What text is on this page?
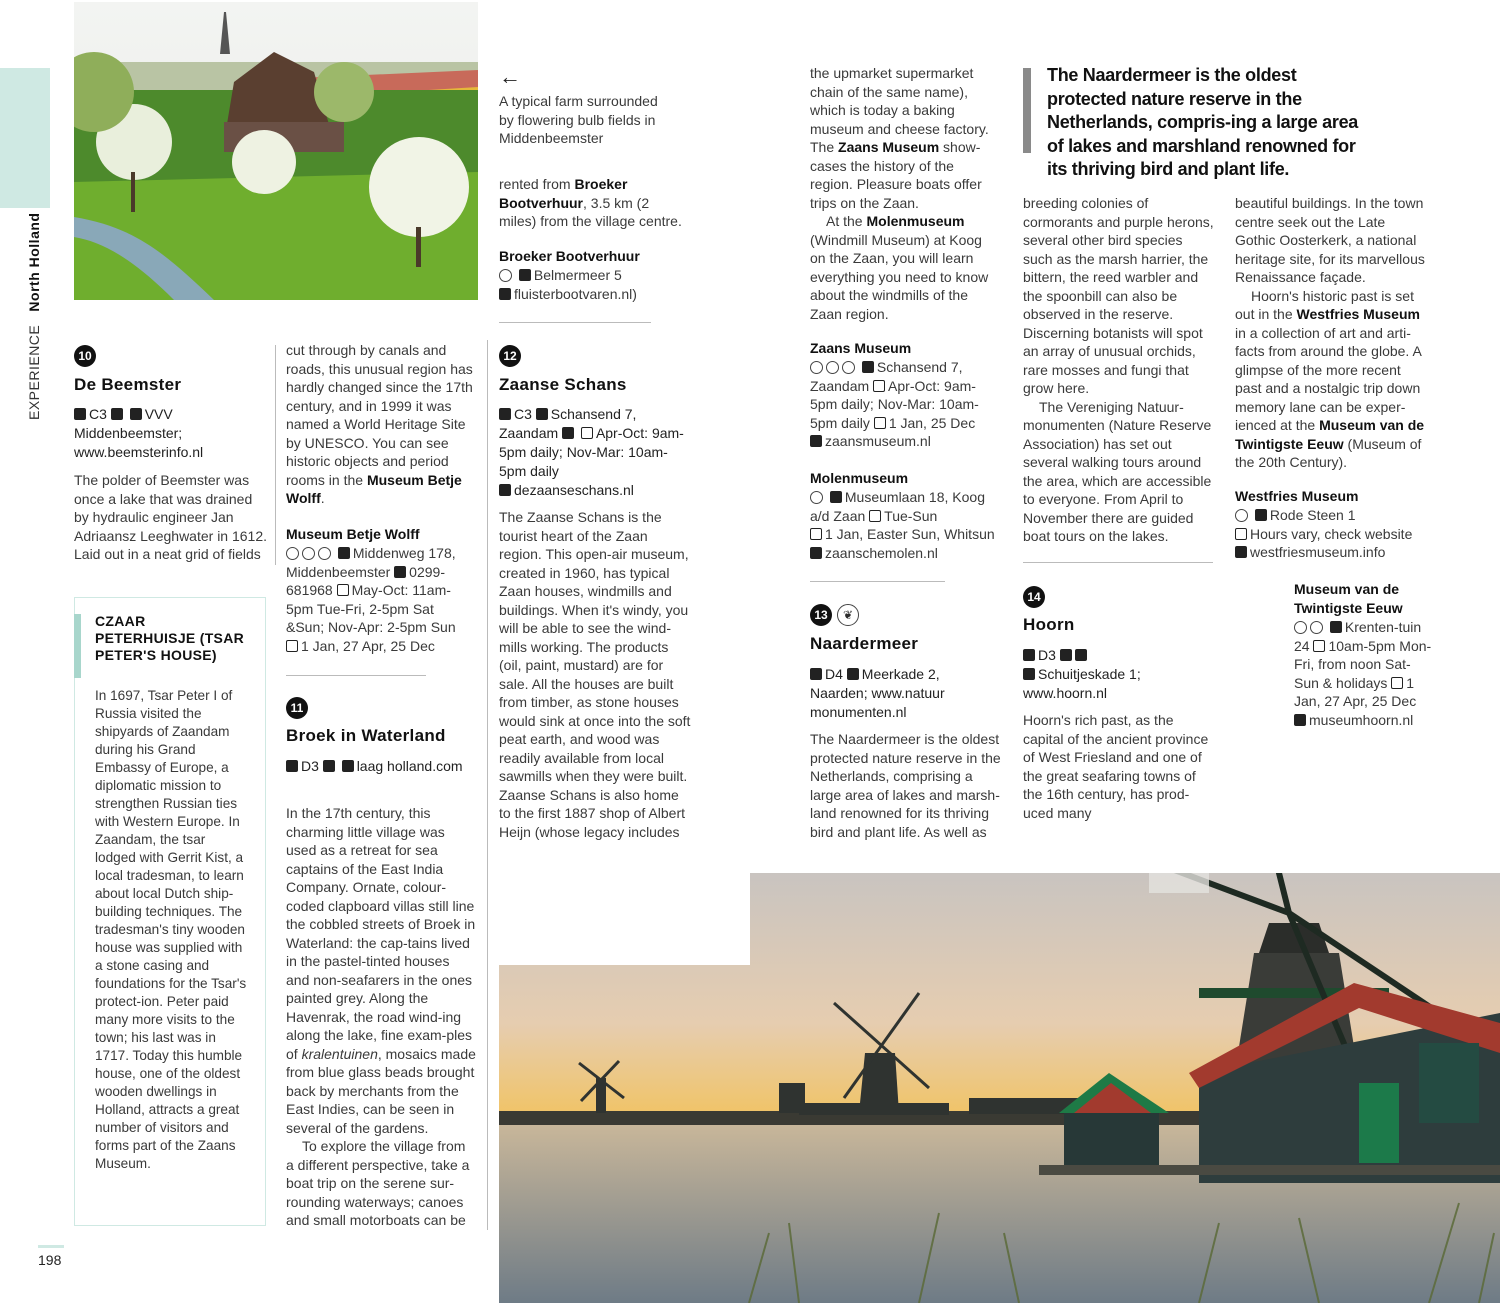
EXPERIENCE   North Holland
198
←
A typical farm surrounded by flowering bulb fields in Middenbeemster
10
De Beemster
C3	VVV
Middenbeemster;
www.beemsterinfo.nl
The polder of Beemster was once a lake that was drained by hydraulic engineer Jan Adriaansz Leeghwater in 1612. Laid out in a neat grid of fields
cut through by canals and roads, this unusual region has hardly changed since the 17th century, and in 1999 it was named a World Heritage Site by UNESCO. You can see historic objects and period rooms in the Museum Betje Wolff.
Museum Betje Wolff
Middenweg 178, Middenbeemster 0299-681968 May-Oct: 11am-5pm Tue-Fri, 2-5pm Sat &Sun; Nov-Apr: 2-5pm Sun 1 Jan, 27 Apr, 25 Dec
CZAAR PETERHUISJE (TSAR PETER'S HOUSE)
In 1697, Tsar Peter I of Russia visited the shipyards of Zaandam during his Grand Embassy of Europe, a diplomatic mission to strengthen Russian ties with Western Europe. In Zaandam, the tsar lodged with Gerrit Kist, a local tradesman, to learn about local Dutch ship-building techniques. The tradesman's tiny wooden house was supplied with a stone casing and foundations for the Tsar's protect-ion. Peter paid many more visits to the town; his last was in 1717. Today this humble house, one of the oldest wooden dwellings in Holland, attracts a great number of visitors and forms part of the Zaans Museum.
11
Broek in Waterland
D3	laag holland.com
In the 17th century, this charming little village was used as a retreat for sea captains of the East India Company. Ornate, colour-coded clapboard villas still line the cobbled streets of Broek in Waterland: the cap-tains lived in the pastel-tinted houses and non-seafarers in the ones painted grey. Along the Havenrak, the road wind-ing along the lake, fine exam-ples of kralentuinen, mosaics made from blue glass beads brought back by merchants from the East Indies, can be seen in several of the gardens.

To explore the village from a different perspective, take a boat trip on the serene sur-rounding waterways; canoes and small motorboats can be

rented from Broeker Bootverhuur, 3.5 km (2 miles) from the village centre.
Broeker Bootverhuur
Belmermeer 5
fluisterbootvaren.nl)
12
Zaanse Schans
C3 Schansend 7, Zaandam	Apr-Oct: 9am-5pm daily; Nov-Mar: 10am-5pm daily
dezaanseschans.nl
The Zaanse Schans is the tourist heart of the Zaan region. This open-air museum, created in 1960, has typical Zaan houses, windmills and buildings. When it's windy, you will be able to see the wind-mills working. The products (oil, paint, mustard) are for sale. All the houses are built from timber, as stone houses would sink at once into the soft peat earth, and wood was readily available from local sawmills when they were built. Zaanse Schans is also home to the first 1887 shop of Albert Heijn (whose legacy includes
the upmarket supermarket chain of the same name), which is today a baking museum and cheese factory. The Zaans Museum show-cases the history of the region. Pleasure boats offer trips on the Zaan.

At the Molenmuseum (Windmill Museum) at Koog on the Zaan, you will learn everything you need to know about the windmills of the Zaan region.

Zaans Museum
Schansend 7, Zaandam Apr-Oct: 9am-5pm daily; Nov-Mar: 10am-5pm daily 1 Jan, 25 Dec
zaansmuseum.nl
Molenmuseum
Museumlaan 18, Koog a/d Zaan Tue-Sun
1 Jan, Easter Sun, Whitsun
zaanschemolen.nl
13	❦
Naardermeer
D4 Meerkade 2, Naarden; www.natuur monumenten.nl
The Naardermeer is the oldest protected nature reserve in the Netherlands, comprising a large area of lakes and marsh-land renowned for its thriving bird and plant life. As well as
The Naardermeer is the oldest protected nature reserve in the Netherlands, compris-ing a large area of lakes and marshland renowned for its thriving bird and plant life.
breeding colonies of cormorants and purple herons, several other bird species such as the marsh harrier, the bittern, the reed warbler and the spoonbill can also be observed in the reserve. Discerning botanists will spot an array of unusual orchids, rare mosses and fungi that grow here.

The Vereniging Natuur-monumenten (Nature Reserve Association) has set out several walking tours around the area, which are accessible to everyone. From April to November there are guided boat tours on the lakes.

14
Hoorn
D3
Schuitjeskade 1;
www.hoorn.nl
Hoorn's rich past, as the capital of the ancient province of West Friesland and one of the great seafaring towns of the 16th century, has prod-uced many
beautiful buildings. In the town centre seek out the Late Gothic Oosterkerk, a national heritage site, for its marvellous Renaissance façade.

Hoorn's historic past is set out in the Westfries Museum in a collection of art and arti-facts from around the globe. A glimpse of the more recent past and a nostalgic trip down memory lane can be exper-ienced at the Museum van de Twintigste Eeuw (Museum of the 20th Century).

Westfries Museum
Rode Steen 1
Hours vary, check website
westfriesmuseum.info
Museum van de Twintigste Eeuw
Krenten-tuin 24 10am-5pm Mon-Fri, from noon Sat-Sun & holidays 1 Jan, 27 Apr, 25 Dec
museumhoorn.nl
